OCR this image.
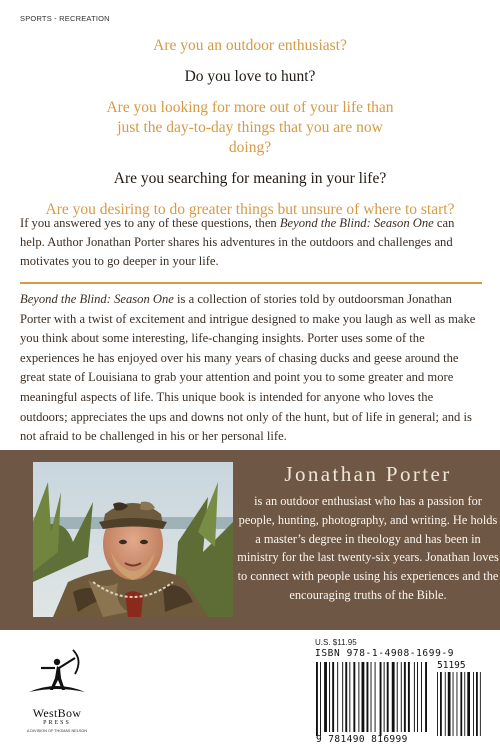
SPORTS - RECREATION

Are you an outdoor enthusiast?

Do you love to hunt?

Are you looking for more out of your life than just the day-to-day things that you are now doing?

Are you searching for meaning in your life?

Are you desiring to do greater things but unsure of where to start?

If you answered yes to any of these questions, then Beyond the Blind: Season One can help. Author Jonathan Porter shares his adventures in the outdoors and challenges and motivates you to go deeper in your life.
Beyond the Blind: Season One is a collection of stories told by outdoorsman Jonathan Porter with a twist of excitement and intrigue designed to make you laugh as well as make you think about some interesting, life-changing insights. Porter uses some of the experiences he has enjoyed over his many years of chasing ducks and geese around the great state of Louisiana to grab your attention and point you to some greater and more meaningful aspects of life. This unique book is intended for anyone who loves the outdoors; appreciates the ups and downs not only of the hunt, but of life in general; and is not afraid to be challenged in his or her personal life.
Jonathan Porter
is an outdoor enthusiast who has a passion for people, hunting, photography, and writing. He holds a master’s degree in theology and has been in ministry for the last twenty-six years. Jonathan loves to connect with people using his experiences and the encouraging truths of the Bible.
WestBow
PRESS
A DIVISION OF THOMAS NELSON
U.S. $11.95
ISBN 978-1-4908-1699-9
51195
9 781490 816999
